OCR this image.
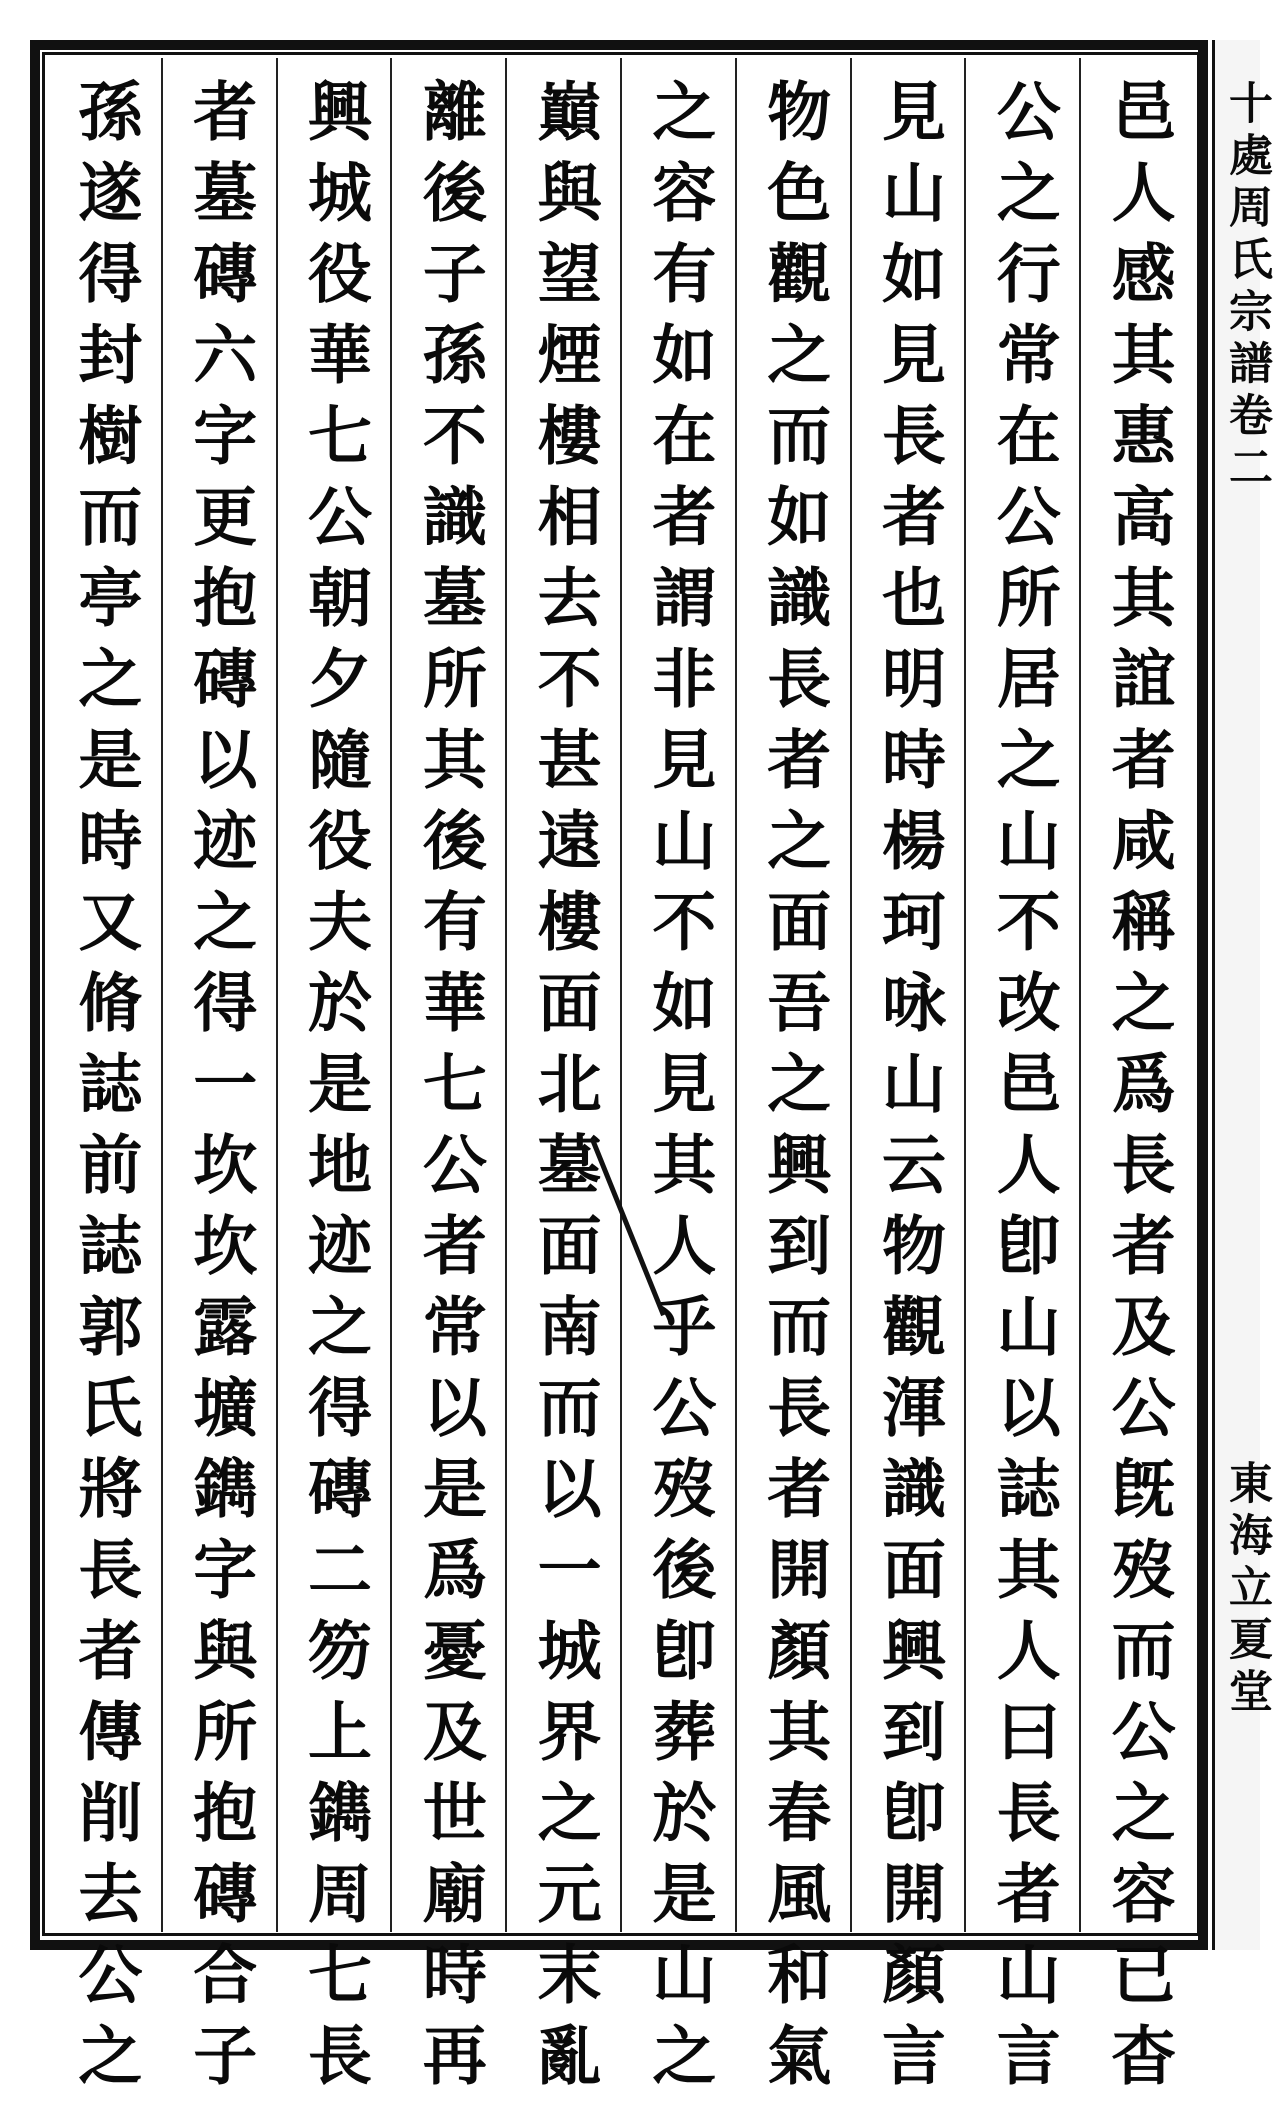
十處周氏宗譜卷二
東海立夏堂
邑人感其惠高其誼者咸稱之爲長者及公旣歿而公之容已杳
公之行常在公所居之山不改邑人卽山以誌其人曰長者山言
見山如見長者也明時楊珂咏山云物觀渾識面興到卽開顏言
物色觀之而如識長者之面吾之興到而長者開顏其春風和氣
之容有如在者謂非見山不如見其人乎公歿後卽葬於是山之
巔與望煙樓相去不甚遠樓面北墓面南而以一城界之元末亂
離後子孫不識墓所其後有華七公者常以是爲憂及世廟時再
興城役華七公朝夕隨役夫於是地迹之得磚二笏上鐫周七長
者墓磚六字更抱磚以迹之得一坎坎露壙鐫字與所抱磚合子
孫遂得封樹而亭之是時又脩誌前誌郭氏將長者傳削去公之
